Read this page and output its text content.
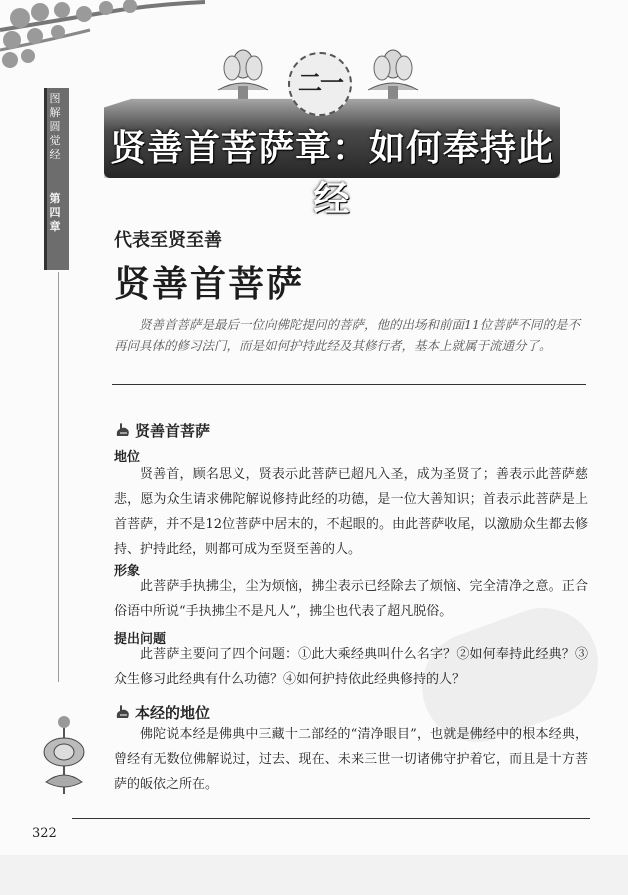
图解圆觉经
第四章
二一
贤善首菩萨章：如何奉持此经
代表至贤至善
贤善首菩萨
贤善首菩萨是最后一位向佛陀提问的菩萨，他的出场和前面11位菩萨不同的是不再问具体的修习法门，而是如何护持此经及其修行者，基本上就属于流通分了。
贤善首菩萨
地位
贤善首，顾名思义，贤表示此菩萨已超凡入圣，成为圣贤了；善表示此菩萨慈悲，愿为众生请求佛陀解说修持此经的功德，是一位大善知识；首表示此菩萨是上首菩萨，并不是12位菩萨中居末的，不起眼的。由此菩萨收尾，以激励众生都去修持、护持此经，则都可成为至贤至善的人。
形象
此菩萨手执拂尘，尘为烦恼，拂尘表示已经除去了烦恼、完全清净之意。正合俗语中所说“手执拂尘不是凡人”，拂尘也代表了超凡脱俗。
提出问题
此菩萨主要问了四个问题：①此大乘经典叫什么名字？②如何奉持此经典？③众生修习此经典有什么功德？④如何护持依此经典修持的人？
本经的地位
佛陀说本经是佛典中三藏十二部经的“清净眼目”，也就是佛经中的根本经典，曾经有无数位佛解说过，过去、现在、未来三世一切诸佛守护着它，而且是十方菩萨的皈依之所在。
322
